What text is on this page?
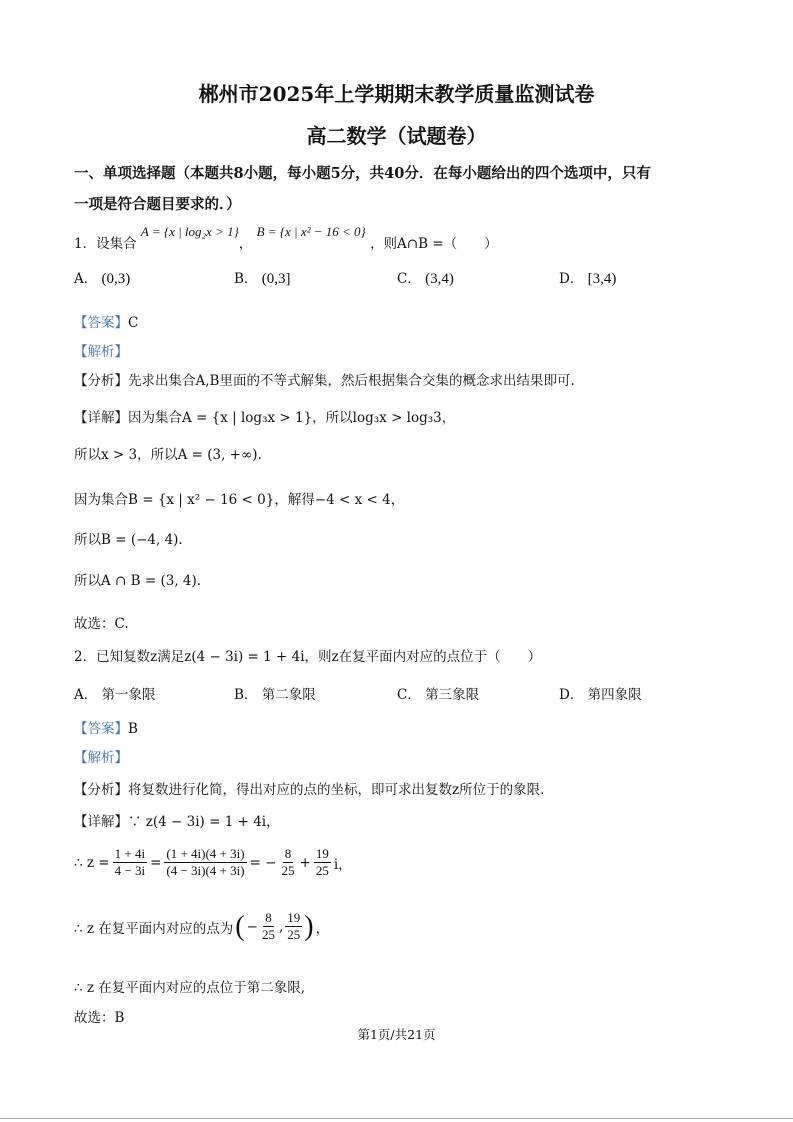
郴州市2025年上学期期末教学质量监测试卷
高二数学（试题卷）
一、单项选择题（本题共8小题，每小题5分，共40分．在每小题给出的四个选项中，只有
一项是符合题目要求的．）
1．设集合 A = {x | log₂x > 1}， B = {x | x² − 16 < 0} ，则A∩B =（　　）
A． (0,3)	B． (0,3]	C． (3,4)	D． [3,4)
【答案】C
【解析】
【分析】先求出集合A,B里面的不等式解集，然后根据集合交集的概念求出结果即可.
【详解】因为集合A = {x | log₃x > 1}，所以log₃x > log₃3，
所以x > 3，所以A = (3, +∞).
因为集合B = {x | x² − 16 < 0}，解得−4 < x < 4，
所以B = (−4, 4).
所以A ∩ B = (3, 4).
故选：C.
2．已知复数z满足z(4 − 3i) = 1 + 4i，则z在复平面内对应的点位于（　　）
A． 第一象限	B． 第二象限	C． 第三象限	D． 第四象限
【答案】B
【解析】
【分析】将复数进行化简，得出对应的点的坐标，即可求出复数z所位于的象限.
【详解】∵ z(4 − 3i) = 1 + 4i，
∴ $z = \frac{1 + 4i}{4 - 3i} = \frac{(1 + 4i)(4 + 3i)}{(4 - 3i)(4 + 3i)}$ = − $\frac{8}{25} + \frac{19}{25}$ i，
∴ z 在复平面内对应的点为 ( − $\frac{8}{25}$ , $\frac{19}{25}$ ) ，
∴ z 在复平面内对应的点位于第二象限,
故选：B
第1页/共21页
